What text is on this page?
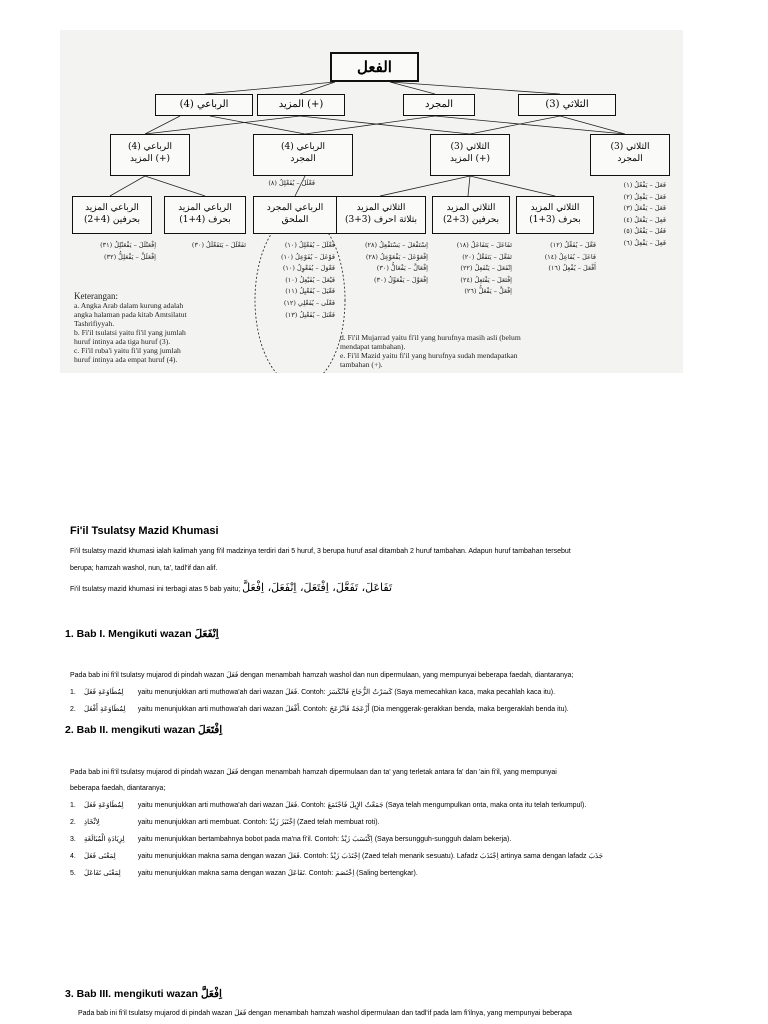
الفعل
الرباعي (4)	المزيد (+)	المجرد	الثلاثي (3)
الرباعي (4)
المزيد (+)
الرباعي (4)
المجرد
الثلاثي (3)
المزيد (+)
الثلاثي (3)
المجرد
فَعْلَلَ – يُفَعْلِلُ (٨)
الرباعي المزيد
بحرفين (4+2)
الرباعي المزيد
بحرف (4+1)
الرباعي المجرد
الملحق
الثلاثي المزيد
بثلاثة احرف (3+3)
الثلاثي المزيد
بحرفين (3+2)
الثلاثي المزيد
بحرف (3+1)
اِفْعَنْلَلَ – يَفْعَنْلِلُ (٣١)
اِفْعَلَلَّ – يَفْعَلِلُّ (٣٢)
تَفَعْلَلَ – يَتَفَعْلَلُ (٣٠)	فَعْلَلَ – يُفَعْلِلُ (١٠)
فَوْعَلَ – يُفَوْعِلُ (١٠)
فَعْوَلَ – يُفَعْوِلُ (١٠)
فَيْعَلَ – يُفَيْعِلُ (١٠)
فَعْيَلَ – يُفَعْيِلُ (١١)
فَعْلَى – يُفَعْلِي (١٢)
فَعْنَلَ – يُفَعْنِلُ (١٣)
اِسْتَفْعَلَ – يَسْتَفْعِلُ (٢٨)
اِفْعَوْعَلَ – يَفْعَوْعِلُ (٢٨)
اِفْعَالَّ – يَفْعَالُّ (٣٠)
اِفْعَوَّلَ – يَفْعَوِّلُ (٣٠)
تَفَاعَلَ – يَتَفَاعَلُ (١٨)
تَفَعَّلَ – يَتَفَعَّلُ (٢٠)
اِنْفَعَلَ – يَنْفَعِلُ (٢٢)
اِفْتَعَلَ – يَفْتَعِلُ (٢٤)
اِفْعَلَّ – يَفْعَلُّ (٢٦)
فَعَّلَ – يُفَعِّلُ (١٢)
فَاعَلَ – يُفَاعِلُ (١٤)
أَفْعَلَ – يُفْعِلُ (١٦)
فَعَلَ – يَفْعُلُ (١)
فَعَلَ – يَفْعِلُ (٢)
فَعَلَ – يَفْعَلُ (٣)
فَعِلَ – يَفْعَلُ (٤)
فَعُلَ – يَفْعُلُ (٥)
فَعِلَ – يَفْعِلُ (٦)
Keterangan:
a. Angka Arab dalam kurung adalah
angka halaman pada kitab Amtsilatut
Tashrifiyyah.
b. Fi'il tsulatsi yaitu fi'il yang jumlah
huruf intinya ada tiga huruf (3).
c. Fi'il ruba'i yaitu fi'il yang jumlah
huruf intinya ada empat huruf (4).
d. Fi'il Mujarrad yaitu fi'il yang hurufnya masih asli (belum
mendapat tambahan).
e. Fi'il Mazid yaitu fi'il yang hurufnya sudah mendapatkan
tambahan (+).
Fi'il Tsulatsy Mazid Khumasi
Fi'il tsulatsy mazid khumasi ialah kalimah yang fi'il madzinya terdiri dari 5 huruf, 3 berupa huruf asal ditambah 2 huruf tambahan. Adapun huruf tambahan tersebut
berupa; hamzah washol, nun, ta', tadl'if dan alif.
Fi'il tsulatsy mazid khumasi ini terbagi atas 5 bab yaitu; تَفَاعَلَ، تَفَعَّلَ، اِفْتَعَلَ، اِنْفَعَلَ، اِفْعَلَّ
1. Bab I. Mengikuti wazan اِنْفَعَلَ
Pada bab ini fi'il tsulatsy mujarod di pindah wazan فَعَلَ dengan menambah hamzah washol dan nun dipermulaan, yang mempunyai beberapa faedah, diantaranya;
1. لِمُطَاوَعَةِ فَعَلَ yaitu menunjukkan arti muthowa'ah dari wazan فَعَلَ. Contoh: كَسَرْتُ الزُّجَاجَ فَانْكَسَرَ (Saya memecahkan kaca, maka pecahlah kaca itu).
2. لِمُطَاوَعَةِ أَفْعَلَ yaitu menunjukkan arti muthowa'ah dari wazan أَفْعَلَ. Contoh: أَزْعَجَهُ فَانْزَعَجَ (Dia menggerak-gerakkan benda, maka bergeraklah benda itu).
2. Bab II. mengikuti wazan اِفْتَعَلَ
Pada bab ini fi'il tsulatsy mujarod di pindah wazan فَعَلَ dengan menambah hamzah dipermulaan dan ta' yang terletak antara fa' dan 'ain fi'il, yang mempunyai
beberapa faedah, diantaranya;
1. لِمُطَاوَعَةِ فَعَلَ yaitu menunjukkan arti muthowa'ah dari wazan فَعَلَ. Contoh: جَمَعْتُ الإِبِلَ فَاجْتَمَعَ (Saya telah mengumpulkan onta, maka onta itu telah terkumpul).
2. لِاتِّخَاذِ	yaitu menunjukkan arti membuat. Contoh: اِخْتَبَزَ زَيْدٌ (Zaed telah membuat roti).
3. لِزِيَادَةِ الْمُبَالَغَةِ yaitu menunjukkan bertambahnya bobot pada ma'na fi'il. Contoh: اِكْتَسَبَ زَيْدٌ (Saya bersungguh-sungguh dalam bekerja).
4. لِمَعْنَى فَعَلَ	yaitu menunjukkan makna sama dengan wazan فَعَلَ. Contoh: اِجْتَذَبَ زَيْدٌ (Zaed telah menarik sesuatu). Lafadz اِجْتَذَبَ artinya sama dengan lafadz جَذَبَ
5. لِمَعْنَى تَفَاعَلَ yaitu menunjukkan makna sama dengan wazan تَفَاعَلَ. Contoh: اِخْتَصَمَ (Saling bertengkar).
3. Bab III. mengikuti wazan اِفْعَلَّ
Pada bab ini fi'il tsulatsy mujarod di pindah wazan فَعَلَ dengan menambah hamzah washol dipermulaan dan tadl'if pada lam fi'ilnya, yang mempunyai beberapa
